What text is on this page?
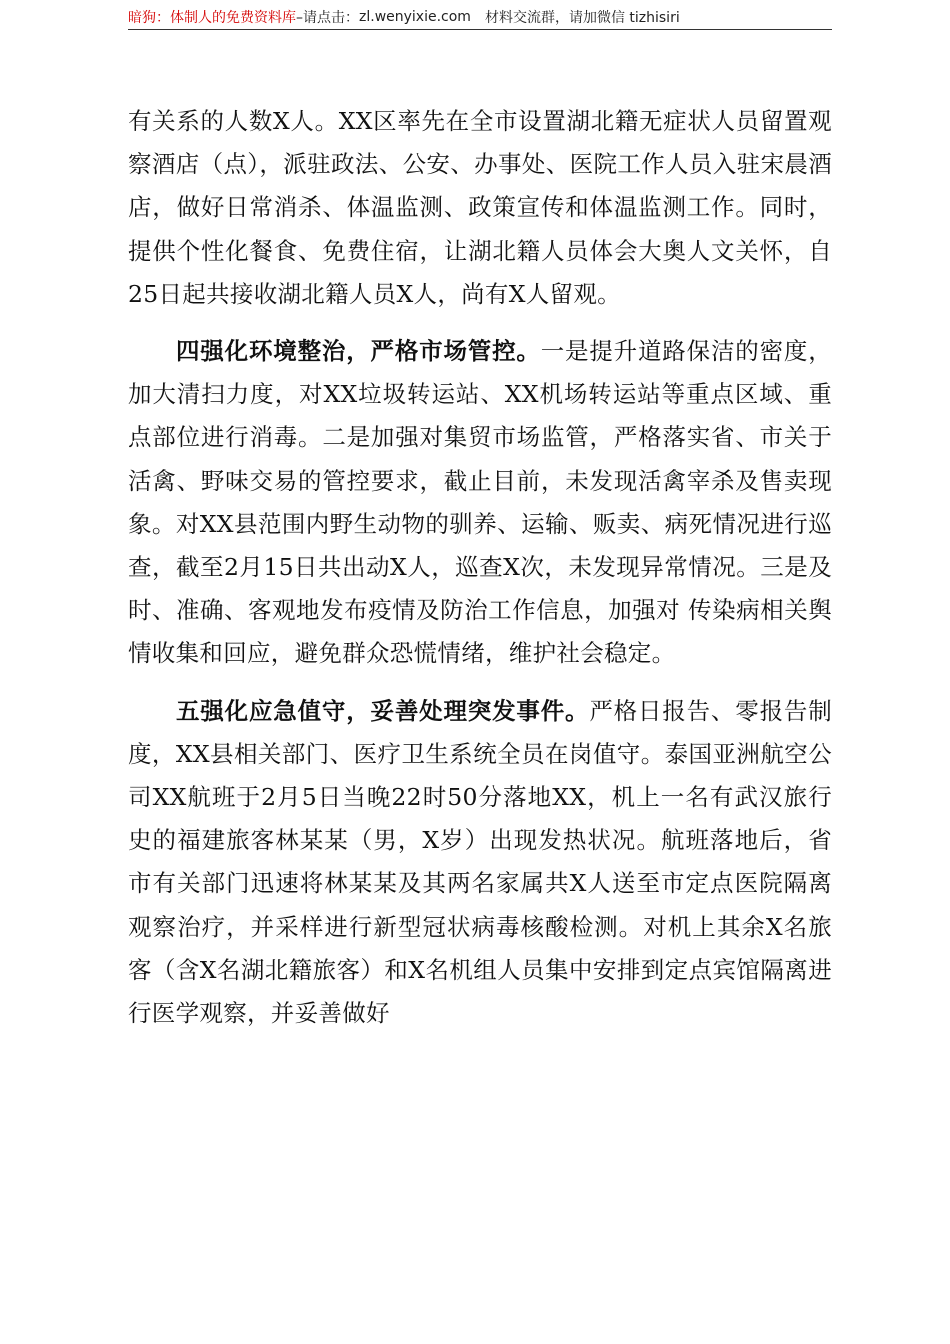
暗狗：体制人的免费资料库 –请点击： zl.wenyixie.com 材料交流群，请加微信 tizhisiri

有关系的人数X人。XX区率先在全市设置湖北籍无症状人员留置观察酒店（点），派驻政法、公安、办事处、医院工作人员入驻宋晨酒店，做好日常消杀、体温监测、政策宣传和体温监测工作。同时，提供个性化餐食、免费住宿，让湖北籍人员体会大奥人文关怀，自25日起共接收湖北籍人员X人，尚有X人留观。

四强化环境整治，严格市场管控。一是提升道路保洁的密度，加大清扫力度，对XX垃圾转运站、XX机场转运站等重点区域、重点部位进行消毒。二是加强对集贸市场监管，严格落实省、市关于活禽、野味交易的管控要求，截止目前，未发现活禽宰杀及售卖现象。对XX县范围内野生动物的驯养、运输、贩卖、病死情况进行巡查，截至2月15日共出动X人，巡查X次，未发现异常情况。三是及时、准确、客观地发布疫情及防治工作信息，加强对 传染病相关舆情收集和回应，避免群众恐慌情绪，维护社会稳定。

五强化应急值守，妥善处理突发事件。严格日报告、零报告制度，XX县相关部门、医疗卫生系统全员在岗值守。泰国亚洲航空公司XX航班于2月5日当晚22时50分落地XX，机上一名有武汉旅行史的福建旅客林某某（男，X岁）出现发热状况。航班落地后，省市有关部门迅速将林某某及其两名家属共X人送至市定点医院隔离观察治疗，并采样进行新型冠状病毒核酸检测。对机上其余X名旅客（含X名湖北籍旅客）和X名机组人员集中安排到定点宾馆隔离进行医学观察，并妥善做好
